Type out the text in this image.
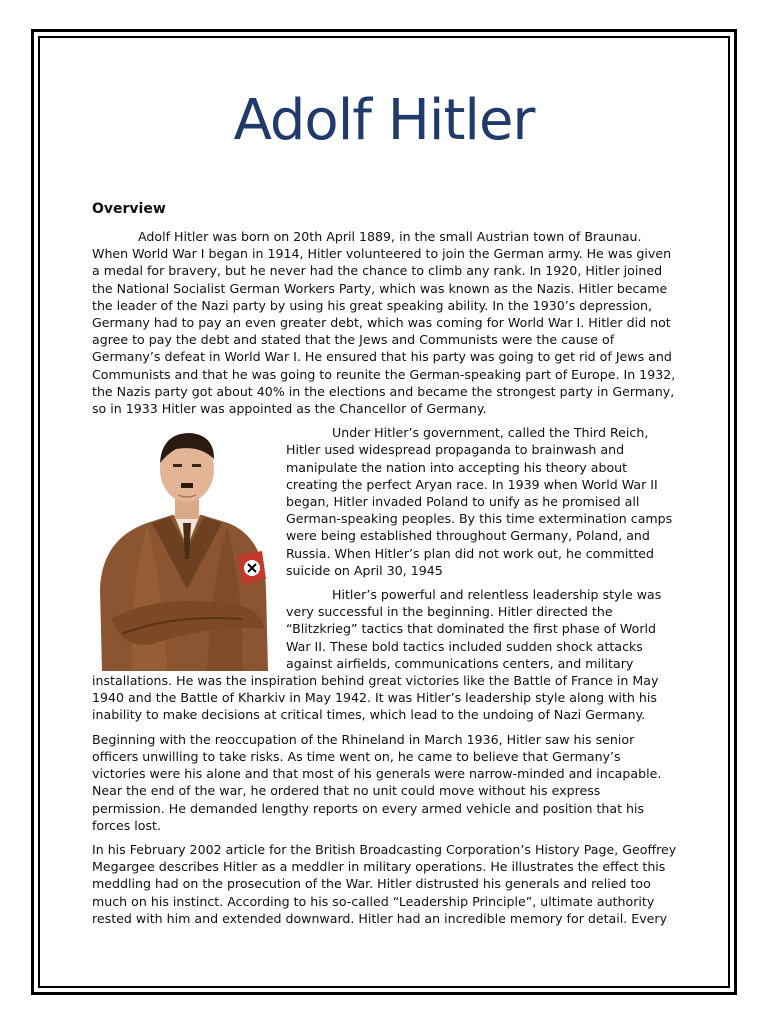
Adolf Hitler
Overview

Adolf Hitler was born on 20th April 1889, in the small Austrian town of Braunau. When World War I began in 1914, Hitler volunteered to join the German army. He was given a medal for bravery, but he never had the chance to climb any rank. In 1920, Hitler joined the National Socialist German Workers Party, which was known as the Nazis. Hitler became the leader of the Nazi party by using his great speaking ability. In the 1930’s depression, Germany had to pay an even greater debt, which was coming for World War I. Hitler did not agree to pay the debt and stated that the Jews and Communists were the cause of Germany’s defeat in World War I. He ensured that his party was going to get rid of Jews and Communists and that he was going to reunite the German-speaking part of Europe. In 1932, the Nazis party got about 40% in the elections and became the strongest party in Germany, so in 1933 Hitler was appointed as the Chancellor of Germany.

Under Hitler’s government, called the Third Reich, Hitler used widespread propaganda to brainwash and manipulate the nation into accepting his theory about creating the perfect Aryan race. In 1939 when World War II began, Hitler invaded Poland to unify as he promised all German-speaking peoples. By this time extermination camps were being established throughout Germany, Poland, and Russia. When Hitler’s plan did not work out, he committed suicide on April 30, 1945

Hitler’s powerful and relentless leadership style was very successful in the beginning. Hitler directed the “Blitzkrieg” tactics that dominated the first phase of World War II. These bold tactics included sudden shock attacks against airfields, communications centers, and military installations. He was the inspiration behind great victories like the Battle of France in May 1940 and the Battle of Kharkiv in May 1942. It was Hitler’s leadership style along with his inability to make decisions at critical times, which lead to the undoing of Nazi Germany.

Beginning with the reoccupation of the Rhineland in March 1936, Hitler saw his senior officers unwilling to take risks. As time went on, he came to believe that Germany’s victories were his alone and that most of his generals were narrow-minded and incapable. Near the end of the war, he ordered that no unit could move without his express permission. He demanded lengthy reports on every armed vehicle and position that his forces lost.

In his February 2002 article for the British Broadcasting Corporation’s History Page, Geoffrey Megargee describes Hitler as a meddler in military operations. He illustrates the effect this meddling had on the prosecution of the War. Hitler distrusted his generals and relied too much on his instinct. According to his so-called “Leadership Principle”, ultimate authority rested with him and extended downward. Hitler had an incredible memory for detail. Every
